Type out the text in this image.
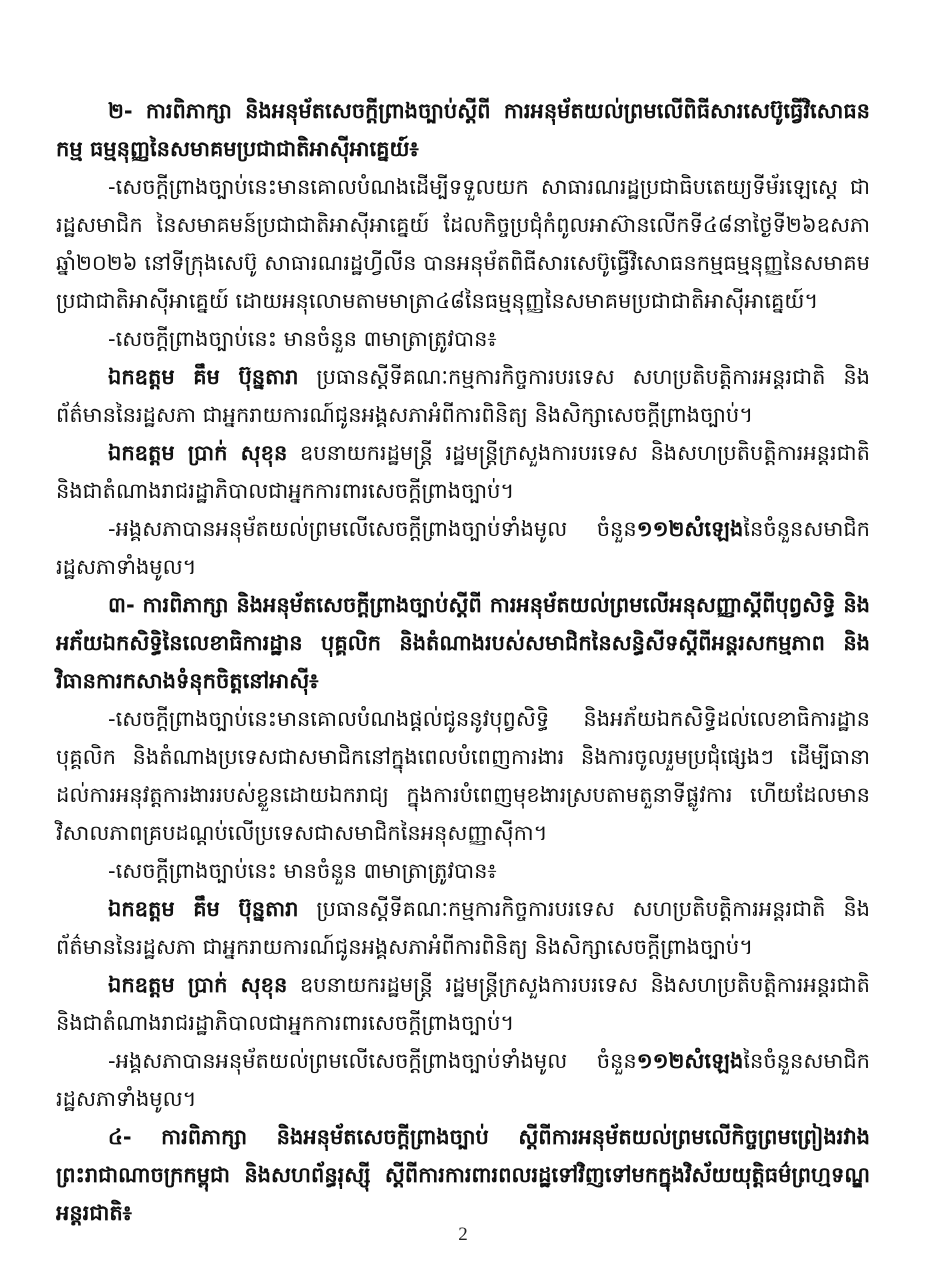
២- ការពិភាក្សា និងអនុម័តសេចក្តីព្រាងច្បាប់ស្តីពី ការអនុម័តយល់ព្រមលើពិធីសារសេប៊ូធ្វើវិសោធនកម្ម ធម្មនុញ្ញនៃសមាគមប្រជាជាតិអាស៊ីអាគ្នេយ៍៖

-សេចក្តីព្រាងច្បាប់នេះមានគោលបំណងដើម្បីទទួលយក សាធារណរដ្ឋប្រជាធិបតេយ្យទីម័រឡេស្តេ ជារដ្ឋសមាជិក នៃសមាគមន៍ប្រជាជាតិអាស៊ីអាគ្នេយ៍ ដែលកិច្ចប្រជុំកំពូលអាស៊ានលើកទី៤៨នាថ្ងៃទី២៦ឧសភា ឆ្នាំ២០២៦ នៅទីក្រុងសេប៊ូ សាធារណរដ្ឋហ្វីលីន បានអនុម័តពិធីសារសេប៊ូធ្វើវិសោធនកម្មធម្មនុញ្ញនៃសមាគមប្រជាជាតិអាស៊ីអាគ្នេយ៍ ដោយអនុលោមតាមមាត្រា៤៨នៃធម្មនុញ្ញនៃសមាគមប្រជាជាតិអាស៊ីអាគ្នេយ៍។

-សេចក្តីព្រាងច្បាប់នេះ មានចំនួន ៣មាត្រាត្រូវបាន៖

ឯកឧត្តម គឹម ប៊ុន្នតារា ប្រធានស្តីទីគណៈកម្មការកិច្ចការបរទេស សហប្រតិបត្តិការអន្តរជាតិ និងព័ត៌មាននៃរដ្ឋសភា ជាអ្នករាយការណ៍ជូនអង្គសភាអំពីការពិនិត្យ និងសិក្សាសេចក្តីព្រាងច្បាប់។

ឯកឧត្តម ប្រាក់ សុខុន ឧបនាយករដ្ឋមន្ត្រី រដ្ឋមន្ត្រីក្រសួងការបរទេស និងសហប្រតិបត្តិការអន្តរជាតិ និងជាតំណាងរាជរដ្ឋាភិបាលជាអ្នកការពារសេចក្តីព្រាងច្បាប់។

-អង្គសភាបានអនុម័តយល់ព្រមលើសេចក្តីព្រាងច្បាប់ទាំងមូល ចំនួន១១២សំឡេងនៃចំនួនសមាជិករដ្ឋសភាទាំងមូល។

៣- ការពិភាក្សា និងអនុម័តសេចក្តីព្រាងច្បាប់ស្តីពី ការអនុម័តយល់ព្រមលើអនុសញ្ញាស្តីពីបុព្វសិទ្ធិ និងអភ័យឯកសិទ្ធិនៃលេខាធិការដ្ឋាន បុគ្គលិក និងតំណាងរបស់សមាជិកនៃសន្ធិសីទស្តីពីអន្តរសកម្មភាព និងវិធានការកសាងទំនុកចិត្តនៅអាស៊ី៖

-សេចក្តីព្រាងច្បាប់នេះមានគោលបំណងផ្តល់ជូននូវបុព្វសិទ្ធិ និងអភ័យឯកសិទ្ធិដល់លេខាធិការដ្ឋាន បុគ្គលិក និងតំណាងប្រទេសជាសមាជិកនៅក្នុងពេលបំពេញការងារ និងការចូលរួមប្រជុំផ្សេងៗ ដើម្បីធានាដល់ការអនុវត្តការងាររបស់ខ្លួនដោយឯករាជ្យ ក្នុងការបំពេញមុខងារស្របតាមតួនាទីផ្លូវការ ហើយដែលមានវិសាលភាពគ្របដណ្តប់លើប្រទេសជាសមាជិកនៃអនុសញ្ញាស៊ីកា។

-សេចក្តីព្រាងច្បាប់នេះ មានចំនួន ៣មាត្រាត្រូវបាន៖

ឯកឧត្តម គឹម ប៊ុន្នតារា ប្រធានស្តីទីគណៈកម្មការកិច្ចការបរទេស សហប្រតិបត្តិការអន្តរជាតិ និងព័ត៌មាននៃរដ្ឋសភា ជាអ្នករាយការណ៍ជូនអង្គសភាអំពីការពិនិត្យ និងសិក្សាសេចក្តីព្រាងច្បាប់។

ឯកឧត្តម ប្រាក់ សុខុន ឧបនាយករដ្ឋមន្ត្រី រដ្ឋមន្ត្រីក្រសួងការបរទេស និងសហប្រតិបត្តិការអន្តរជាតិ និងជាតំណាងរាជរដ្ឋាភិបាលជាអ្នកការពារសេចក្តីព្រាងច្បាប់។

-អង្គសភាបានអនុម័តយល់ព្រមលើសេចក្តីព្រាងច្បាប់ទាំងមូល ចំនួន១១២សំឡេងនៃចំនួនសមាជិករដ្ឋសភាទាំងមូល។

៤- ការពិភាក្សា និងអនុម័តសេចក្តីព្រាងច្បាប់ ស្តីពីការអនុម័តយល់ព្រមលើកិច្ចព្រមព្រៀងរវាងព្រះរាជាណាចក្រកម្ពុជា និងសហព័ន្ធរុស្ស៊ី ស្តីពីការការពារពលរដ្ឋទៅវិញទៅមកក្នុងវិស័យយុត្តិធម៌ព្រហ្មទណ្ឌ អន្តរជាតិ៖

2
